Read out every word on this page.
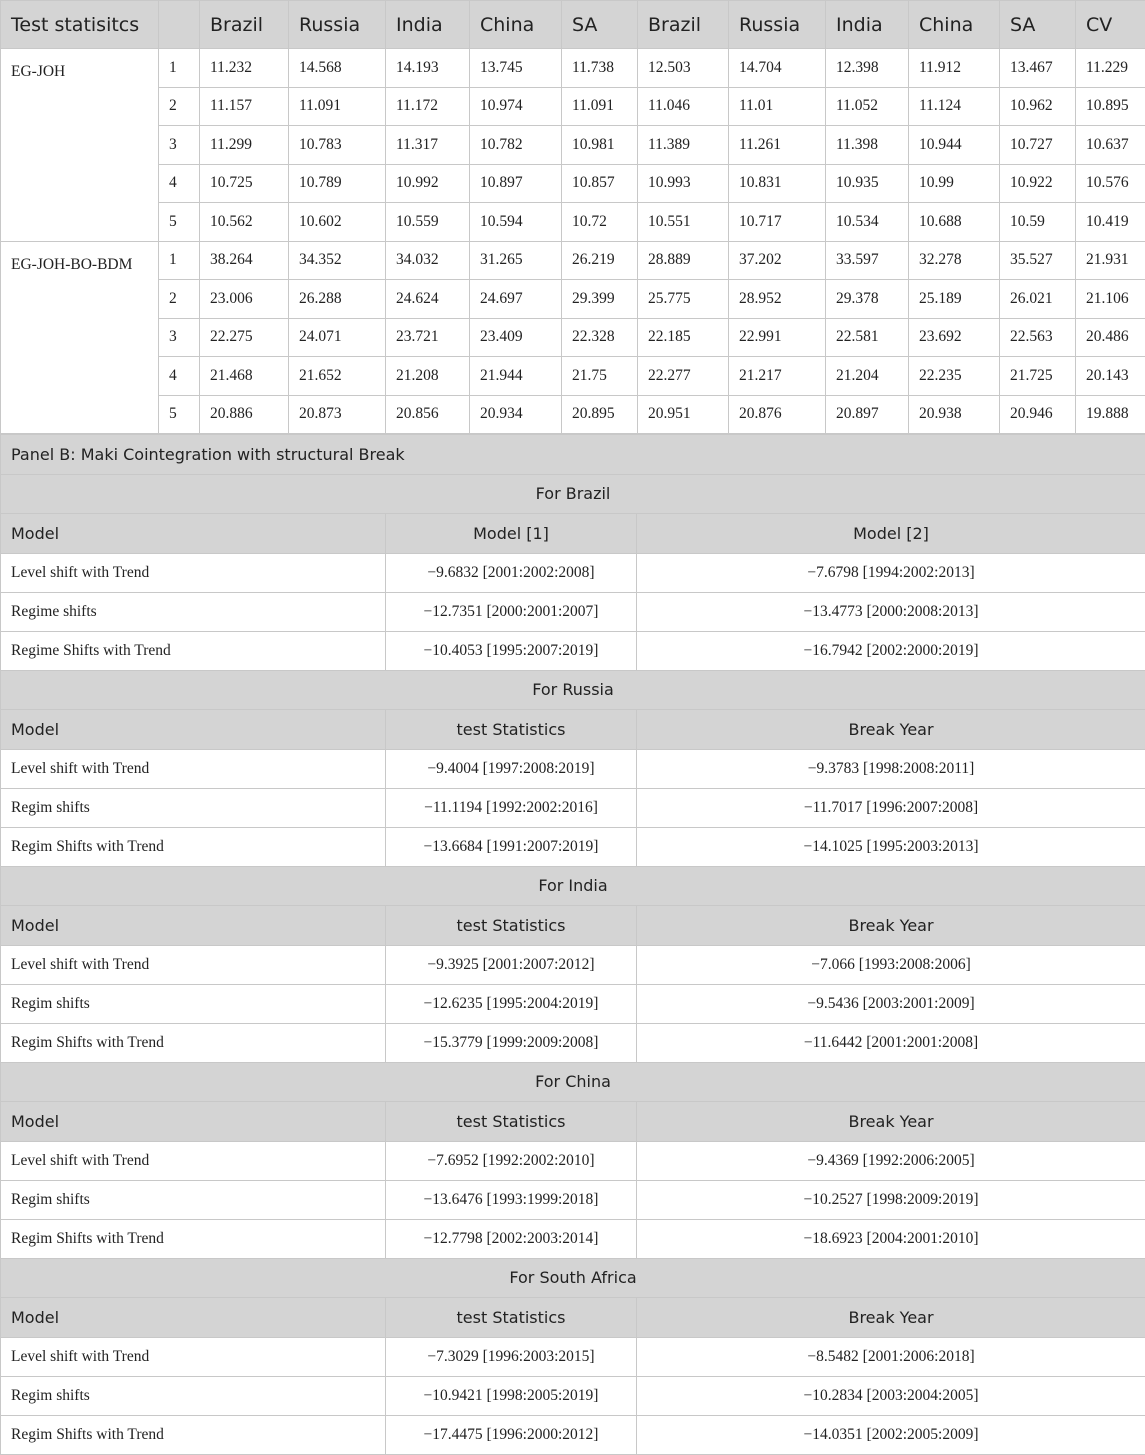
Test statisitcs		Brazil	Russia	India	China	SA	Brazil	Russia	India	China	SA	CV
EG-JOH	1	11.232	14.568	14.193	13.745	11.738	12.503	14.704	12.398	11.912	13.467	11.229
	2	11.157	11.091	11.172	10.974	11.091	11.046	11.01	11.052	11.124	10.962	10.895
	3	11.299	10.783	11.317	10.782	10.981	11.389	11.261	11.398	10.944	10.727	10.637
	4	10.725	10.789	10.992	10.897	10.857	10.993	10.831	10.935	10.99	10.922	10.576
	5	10.562	10.602	10.559	10.594	10.72	10.551	10.717	10.534	10.688	10.59	10.419
EG-JOH-BO-BDM	1	38.264	34.352	34.032	31.265	26.219	28.889	37.202	33.597	32.278	35.527	21.931
	2	23.006	26.288	24.624	24.697	29.399	25.775	28.952	29.378	25.189	26.021	21.106
	3	22.275	24.071	23.721	23.409	22.328	22.185	22.991	22.581	23.692	22.563	20.486
	4	21.468	21.652	21.208	21.944	21.75	22.277	21.217	21.204	22.235	21.725	20.143
	5	20.886	20.873	20.856	20.934	20.895	20.951	20.876	20.897	20.938	20.946	19.888
Panel B: Maki Cointegration with structural Break		
For Brazil		
Model	Model [1]	Model [2]
Level shift with Trend	−9.6832 [2001:2002:2008]	−7.6798 [1994:2002:2013]
Regime shifts	−12.7351 [2000:2001:2007]	−13.4773 [2000:2008:2013]
Regime Shifts with Trend	−10.4053 [1995:2007:2019]	−16.7942 [2002:2000:2019]
For Russia		
Model	test Statistics	Break Year
Level shift with Trend	−9.4004 [1997:2008:2019]	−9.3783 [1998:2008:2011]
Regim shifts	−11.1194 [1992:2002:2016]	−11.7017 [1996:2007:2008]
Regim Shifts with Trend	−13.6684 [1991:2007:2019]	−14.1025 [1995:2003:2013]
For India		
Model	test Statistics	Break Year
Level shift with Trend	−9.3925 [2001:2007:2012]	−7.066 [1993:2008:2006]
Regim shifts	−12.6235 [1995:2004:2019]	−9.5436 [2003:2001:2009]
Regim Shifts with Trend	−15.3779 [1999:2009:2008]	−11.6442 [2001:2001:2008]
For China		
Model	test Statistics	Break Year
Level shift with Trend	−7.6952 [1992:2002:2010]	−9.4369 [1992:2006:2005]
Regim shifts	−13.6476 [1993:1999:2018]	−10.2527 [1998:2009:2019]
Regim Shifts with Trend	−12.7798 [2002:2003:2014]	−18.6923 [2004:2001:2010]
For South Africa		
Model	test Statistics	Break Year
Level shift with Trend	−7.3029 [1996:2003:2015]	−8.5482 [2001:2006:2018]
Regim shifts	−10.9421 [1998:2005:2019]	−10.2834 [2003:2004:2005]
Regim Shifts with Trend	−17.4475 [1996:2000:2012]	−14.0351 [2002:2005:2009]
